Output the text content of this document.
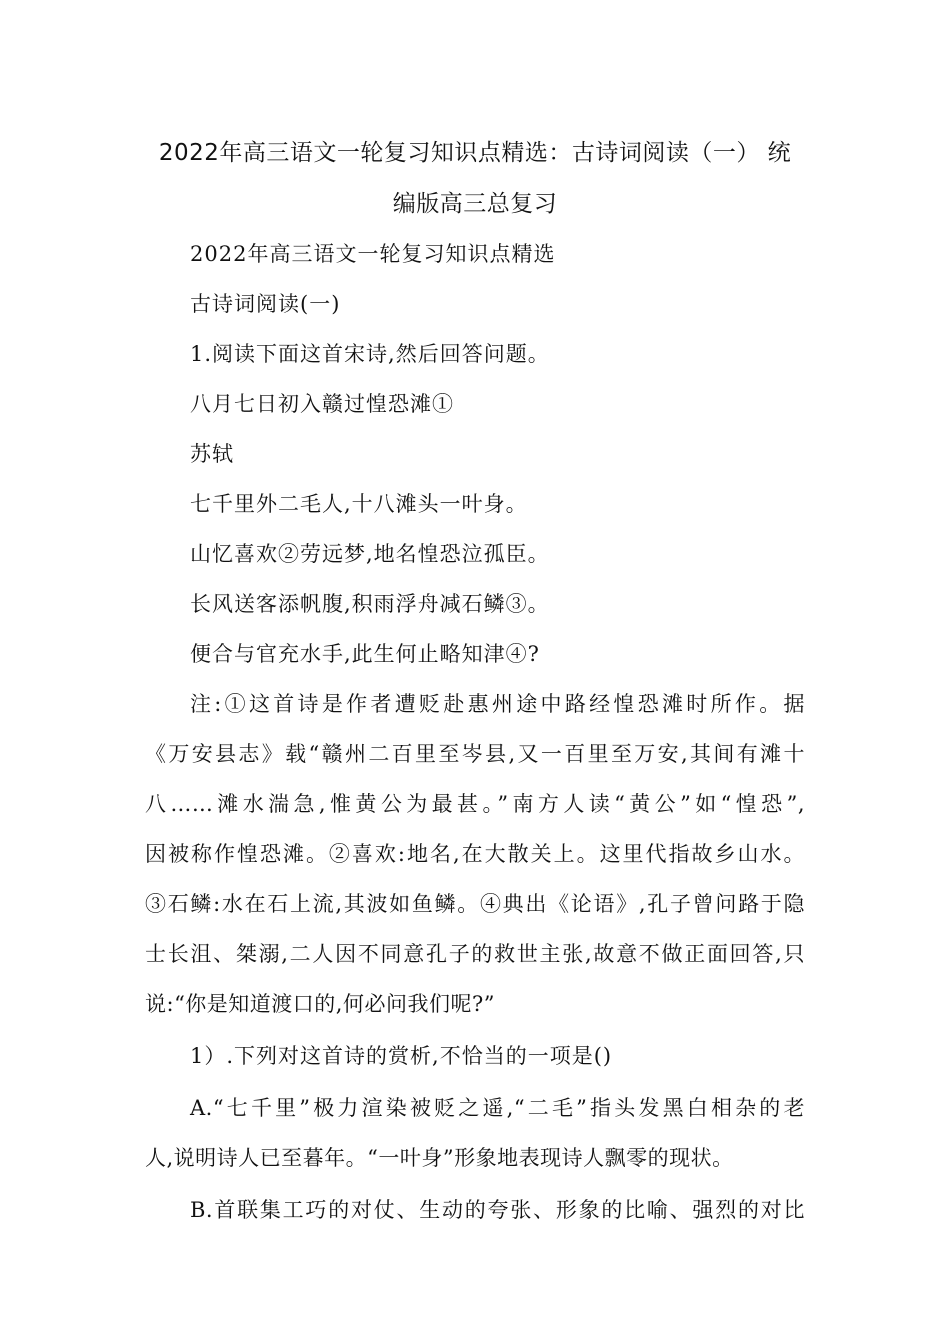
2022年高三语文一轮复习知识点精选：古诗词阅读（一） 统
编版高三总复习
2022年高三语文一轮复习知识点精选
古诗词阅读(一)
1.阅读下面这首宋诗,然后回答问题。
八月七日初入赣过惶恐滩①
苏轼
七千里外二毛人,十八滩头一叶身。
山忆喜欢②劳远梦,地名惶恐泣孤臣。
长风送客添帆腹,积雨浮舟减石鳞③。
便合与官充水手,此生何止略知津④?
注:①这首诗是作者遭贬赴惠州途中路经惶恐滩时所作。据
《万安县志》载“赣州二百里至岑县,又一百里至万安,其间有滩十
八……滩水湍急,惟黄公为最甚。”南方人读“黄公”如“惶恐”,
因被称作惶恐滩。②喜欢:地名,在大散关上。这里代指故乡山水。
③石鳞:水在石上流,其波如鱼鳞。④典出《论语》,孔子曾问路于隐
士长沮、桀溺,二人因不同意孔子的救世主张,故意不做正面回答,只
说:“你是知道渡口的,何必问我们呢?”
1）.下列对这首诗的赏析,不恰当的一项是()
A.“七千里”极力渲染被贬之遥,“二毛”指头发黑白相杂的老
人,说明诗人已至暮年。“一叶身”形象地表现诗人飘零的现状。
B.首联集工巧的对仗、生动的夸张、形象的比喻、强烈的对比
